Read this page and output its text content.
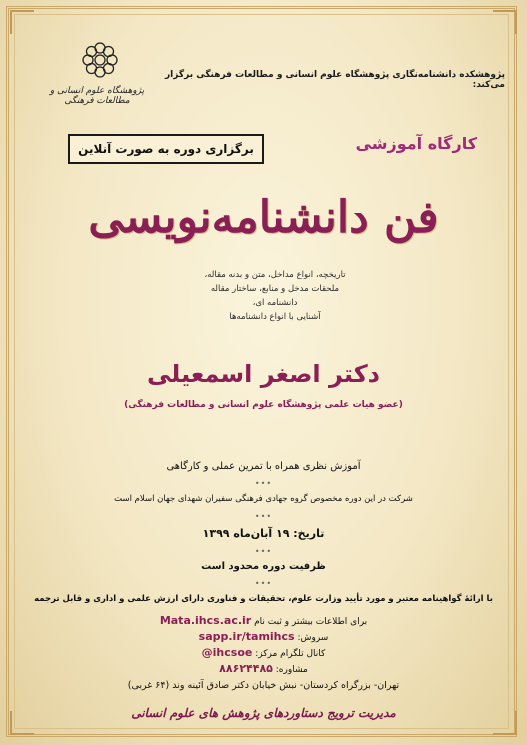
پژوهشگاه علوم انسانی و مطالعات فرهنگی
پژوهشکده دانشنامه‌نگاری پژوهشگاه علوم انسانی و مطالعات فرهنگی برگزار می‌کند:
برگزاری دوره به صورت آنلاین	کارگاه آموزشی
فن دانشنامه‌نویسی
تاریخچه، انواع مداخل، متن و بدنه مقاله،
ملحقات مدخل و منابع، ساختار مقاله دانشنامه ای،
آشنایی با انواع دانشنامه‌ها
دکتر اصغر اسمعیلی
(عضو هیات علمی پژوهشگاه علوم انسانی و مطالعات فرهنگی)
آموزش نظری همراه با تمرین عملی و کارگاهی
•••
شرکت در این دوره مخصوص گروه جهادی فرهنگی سفیران شهدای جهان اسلام است
•••
تاریخ: ۱۹ آبان‌ماه ۱۳۹۹
•••
ظرفیت دوره محدود است
•••
با ارائهٔ گواهینامه معتبر و مورد تأیید وزارت علوم، تحقیقات و فناوری دارای ارزش علمی و اداری و قابل ترجمه
برای اطلاعات بیشتر و ثبت نام Mata.ihcs.ac.ir
سروش: sapp.ir/tamihcs
کانال تلگرام مرکز: @ihcsoe
مشاوره: ۸۸۶۲۴۴۸۵
تهران- بزرگراه کردستان- نبش خیابان دکتر صادق آئینه وند (۶۴ غربی)
مدیریت ترویج دستاوردهای پژوهش های علوم انسانی
